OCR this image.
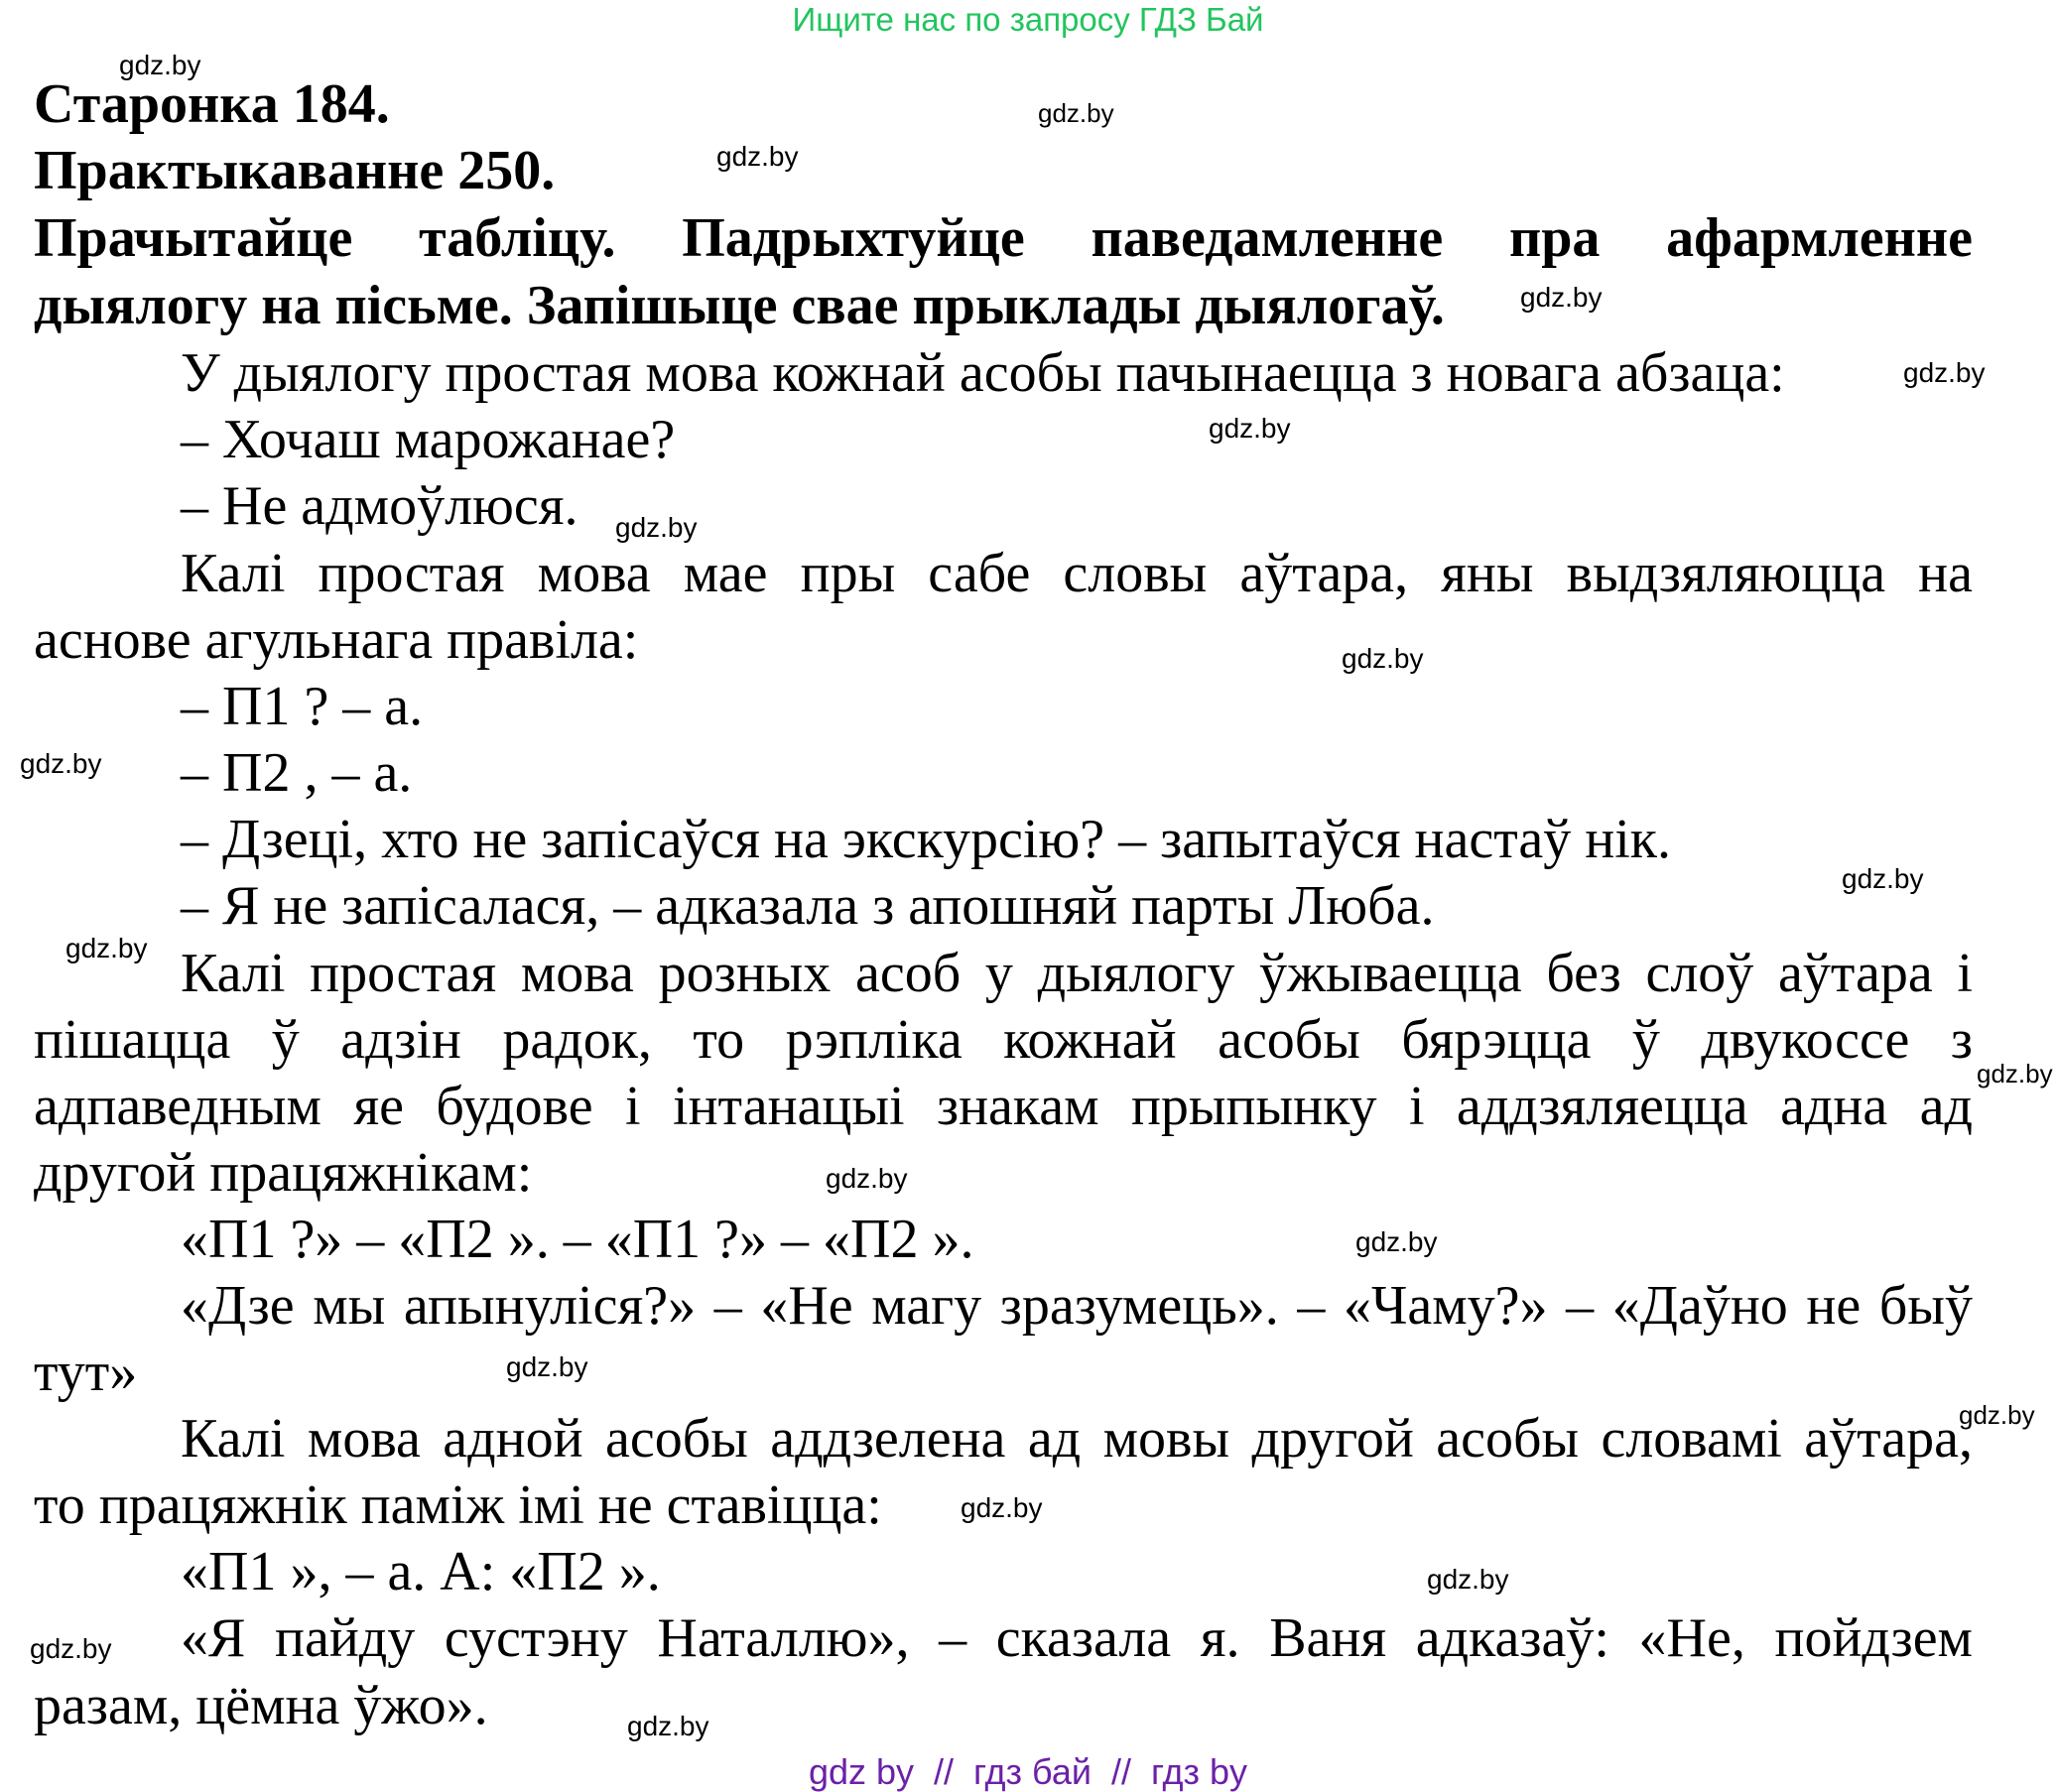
Ищите нас по запросу ГДЗ Бай
Старонка 184.
Практыкаванне 250.
Прачытайце табліцу. Падрыхтуйце паведамленне пра афармленне
дыялогу на пісьме. Запішыце свае прыклады дыялогаў.
У дыялогу простая мова кожнай асобы пачынаецца з новага абзаца:
– Хочаш марожанае?
– Не адмоўлюся.
Калі простая мова мае пры сабе словы аўтара, яны выдзяляюцца на
аснове агульнага правіла:
– П1 ? – а.
– П2 , – а.
– Дзеці, хто не запісаўся на экскурсію? – запытаўся настаў нік.
– Я не запісалася, – адказала з апошняй парты Люба.
Калі простая мова розных асоб у дыялогу ўжываецца без слоў аўтара і
пішацца ў адзін радок, то рэпліка кожнай асобы бярэцца ў двукоссе з
адпаведным яе будове і інтанацыі знакам прыпынку і аддзяляецца адна ад
другой працяжнікам:
«П1 ?» – «П2 ». – «П1 ?» – «П2 ».
«Дзе мы апынуліся?» – «Не магу зразумець». – «Чаму?» – «Даўно не быў
тут»
Калі мова адной асобы аддзелена ад мовы другой асобы словамі аўтара,
то працяжнік паміж імі не ставіцца:
«П1 », – а. А: «П2 ».
«Я пайду сустэну Наталлю», – сказала я. Ваня адказаў: «Не, пойдзем
разам, цёмна ўжо».
gdz.by
gdz.by
gdz.by
gdz.by
gdz.by
gdz.by
gdz.by
gdz.by
gdz.by
gdz.by
gdz.by
gdz.by
gdz.by
gdz.by
gdz.by
gdz.by
gdz.by
gdz.by
gdz.by
gdz.by
gdz by  //  гдз бай  //  гдз by
